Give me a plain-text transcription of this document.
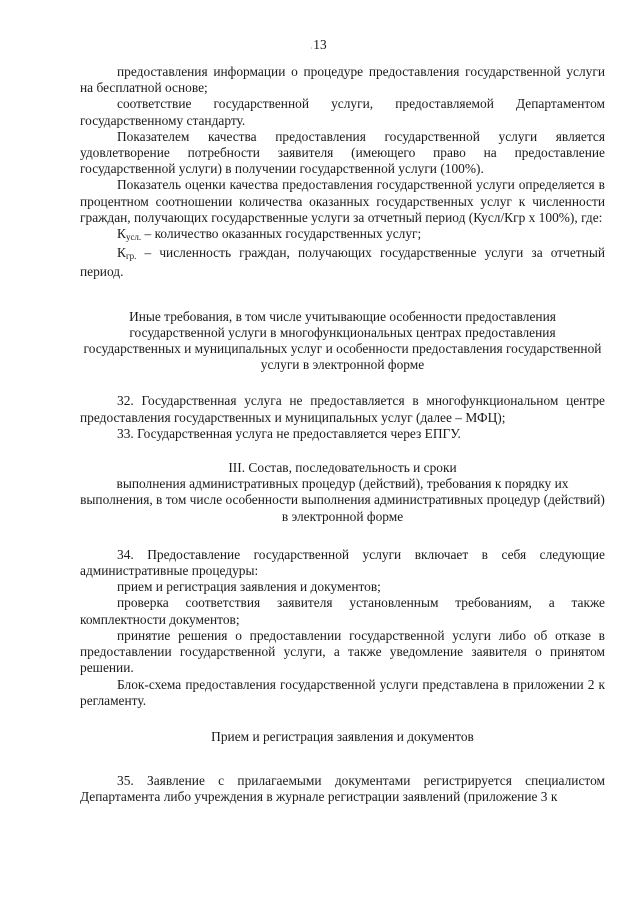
13
·

предоставления информации о процедуре предоставления государственной услуги на бесплатной основе;

соответствие государственной услуги, предоставляемой Департаментом государственному стандарту.

Показателем качества предоставления государственной услуги является удовлетворение потребности заявителя (имеющего право на предоставление государственной услуги) в получении государственной услуги (100%).

Показатель оценки качества предоставления государственной услуги определяется в процентном соотношении количества оказанных государственных услуг к численности граждан, получающих государственные услуги за отчетный период (Кусл/Кгр х 100%), где:

$К_{усл.}$ – количество оказанных государственных услуг;

$К_{гр.}$ – численность граждан, получающих государственные услуги за отчетный период.

Иные требования, в том числе учитывающие особенности предоставления государственной услуги в многофункциональных центрах предоставления государственных и муниципальных услуг и особенности предоставления государственной услуги в электронной форме

32. Государственная услуга не предоставляется в многофункциональном центре предоставления государственных и муниципальных услуг (далее – МФЦ);

33. Государственная услуга не предоставляется через ЕПГУ.

III. Состав, последовательность и сроки

выполнения административных процедур (действий), требования к порядку их выполнения, в том числе особенности выполнения административных процедур (действий) в электронной форме

34. Предоставление государственной услуги включает в себя следующие административные процедуры:

прием и регистрация заявления и документов;

проверка соответствия заявителя установленным требованиям, а также комплектности документов;

принятие решения о предоставлении государственной услуги либо об отказе в предоставлении государственной услуги, а также уведомление заявителя о принятом решении.

Блок-схема предоставления государственной услуги представлена в приложении 2 к регламенту.

Прием и регистрация заявления и документов

35. Заявление с прилагаемыми документами регистрируется специалистом Департамента либо учреждения в журнале регистрации заявлений (приложение 3 к
